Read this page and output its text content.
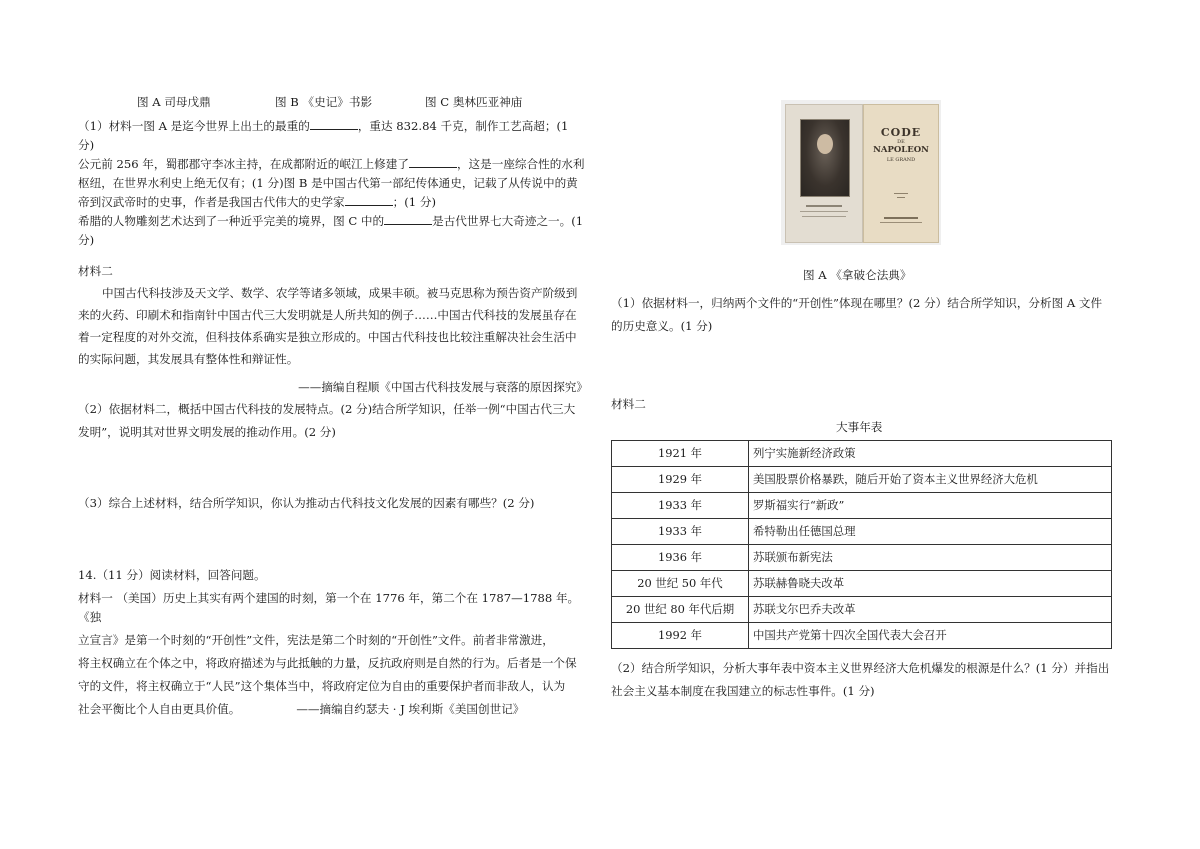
图 A 司母戊鼎	图 B 《史记》书影	图 C 奥林匹亚神庙

（1）材料一图 A 是迄今世界上出土的最重的	，重达 832.84 千克，制作工艺高超；(1 分)

公元前 256 年，蜀郡郡守李冰主持，在成都附近的岷江上修建了	，这是一座综合性的水利

枢纽，在世界水利史上绝无仅有；(1 分)图 B 是中国古代第一部纪传体通史，记载了从传说中的黄

帝到汉武帝时的史事，作者是我国古代伟大的史学家	；(1 分)

希腊的人物雕刻艺术达到了一种近乎完美的境界，图 C 中的	是古代世界七大奇迹之一。(1

分)

材料二

中国古代科技涉及天文学、数学、农学等诸多领域，成果丰硕。被马克思称为预告资产阶级到

来的火药、印刷术和指南针中国古代三大发明就是人所共知的例子……中国古代科技的发展虽存在

着一定程度的对外交流，但科技体系确实是独立形成的。中国古代科技也比较注重解决社会生活中

的实际问题，其发展具有整体性和辩证性。

——摘编自程顺《中国古代科技发展与衰落的原因探究》

（2）依据材料二，概括中国古代科技的发展特点。(2 分)结合所学知识，任举一例“中国古代三大

发明”，说明其对世界文明发展的推动作用。(2 分)

（3）综合上述材料，结合所学知识，你认为推动古代科技文化发展的因素有哪些？(2 分)

14.（11 分）阅读材料，回答问题。

材料一 （美国）历史上其实有两个建国的时刻，第一个在 1776 年，第二个在 1787—1788 年。《独

立宣言》是第一个时刻的“开创性”文件，宪法是第二个时刻的“开创性”文件。前者非常激进，

将主权确立在个体之中，将政府描述为与此抵触的力量，反抗政府则是自然的行为。后者是一个保

守的文件，将主权确立于“人民”这个集体当中，将政府定位为自由的重要保护者而非敌人，认为

社会平衡比个人自由更具价值。	——摘编自约瑟夫 · J 埃利斯《美国创世记》

CODE
DE
NAPOLEON
LE GRAND
图 A 《拿破仑法典》

（1）依据材料一，归纳两个文件的“开创性”体现在哪里？(2 分）结合所学知识，分析图 A 文件

的历史意义。(1 分)

材料二
大事年表
1921 年	列宁实施新经济政策
1929 年	美国股票价格暴跌，随后开始了资本主义世界经济大危机
1933 年	罗斯福实行“新政”
1933 年	希特勒出任德国总理
1936 年	苏联颁布新宪法
20 世纪 50 年代	苏联赫鲁晓夫改革
20 世纪 80 年代后期	苏联戈尔巴乔夫改革
1992 年	中国共产党第十四次全国代表大会召开

（2）结合所学知识，分析大事年表中资本主义世界经济大危机爆发的根源是什么？(1 分）并指出

社会主义基本制度在我国建立的标志性事件。(1 分)
